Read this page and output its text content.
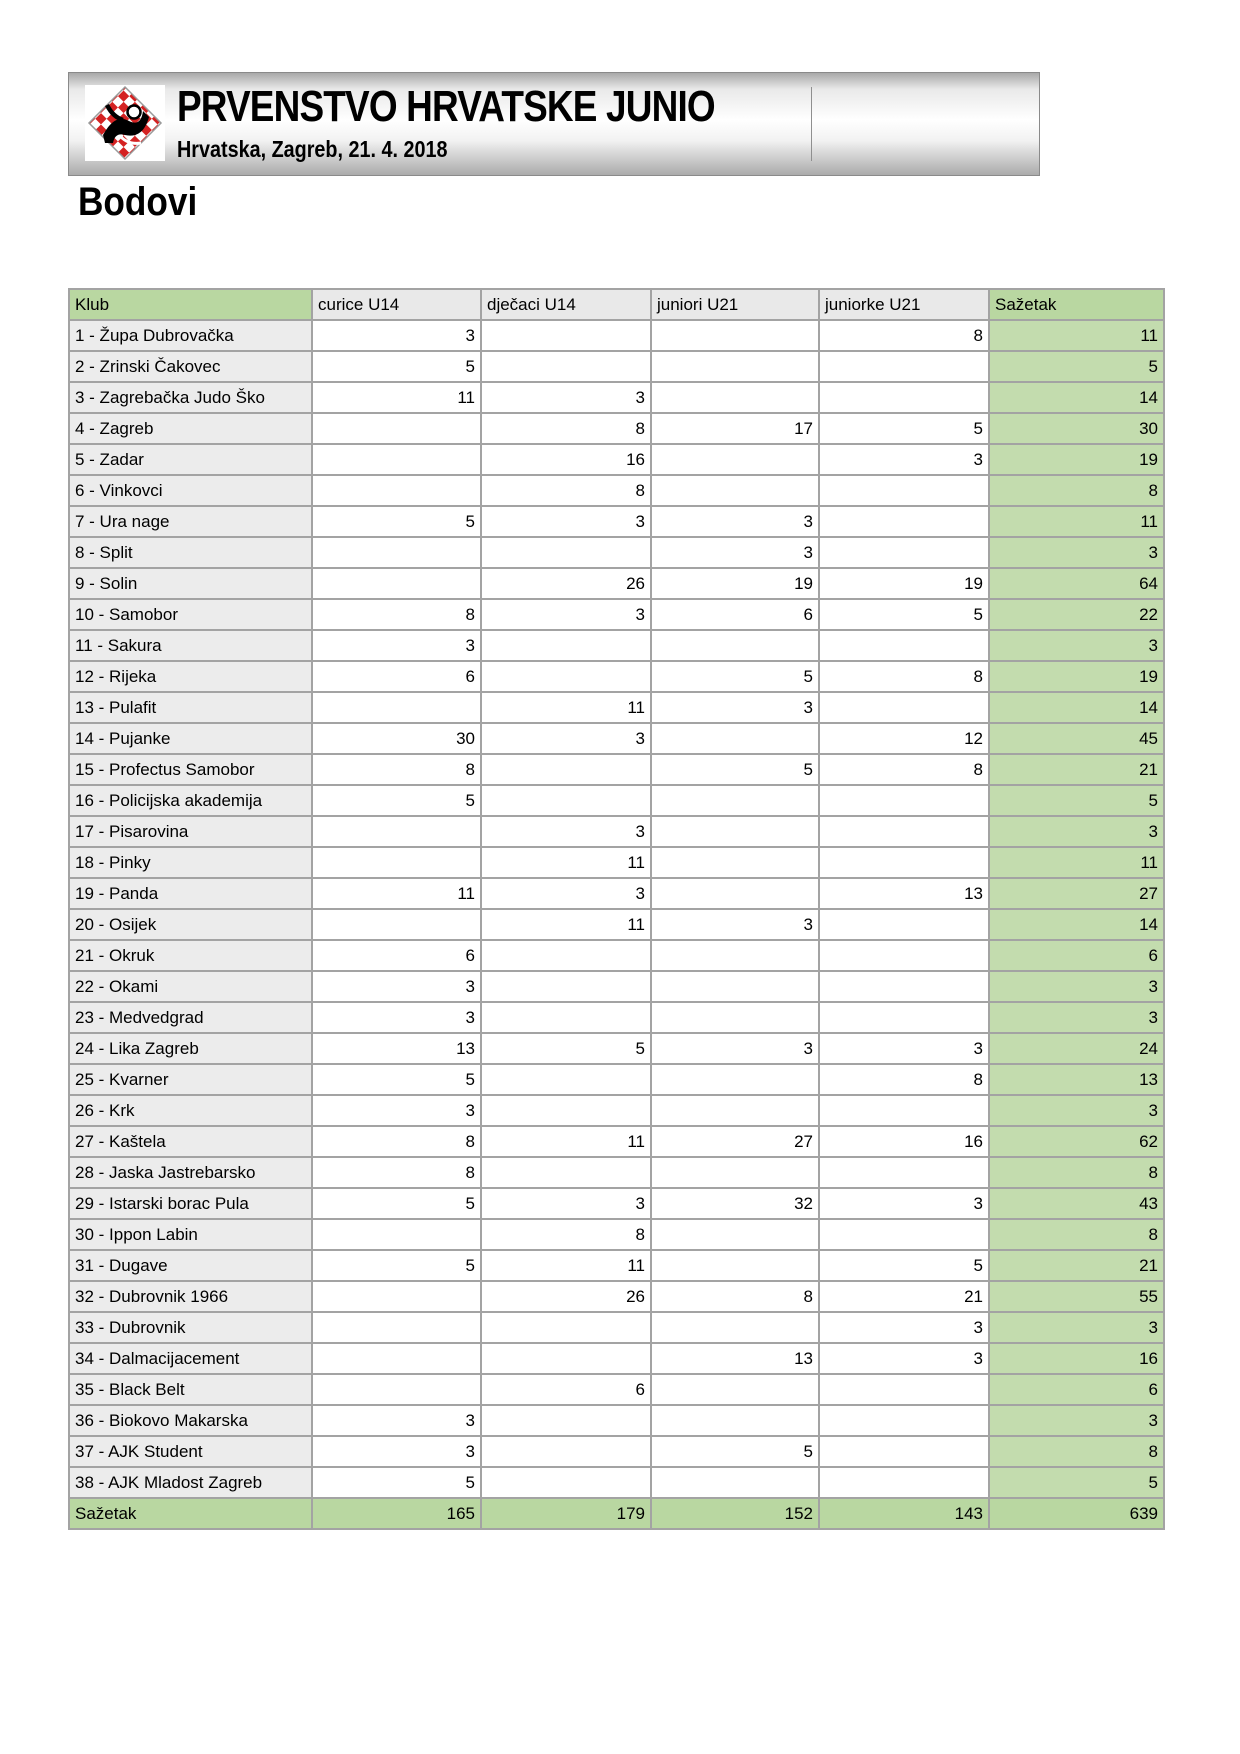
PRVENSTVO HRVATSKE JUNIO
Hrvatska, Zagreb, 21. 4. 2018
Bodovi
Klub	curice U14	dječaci U14	juniori U21	juniorke U21	Sažetak
1 - Župa Dubrovačka	3			8	11
2 - Zrinski Čakovec	5				5
3 - Zagrebačka Judo Ško	11	3			14
4 - Zagreb		8	17	5	30
5 - Zadar		16		3	19
6 - Vinkovci		8			8
7 - Ura nage	5	3	3		11
8 - Split			3		3
9 - Solin		26	19	19	64
10 - Samobor	8	3	6	5	22
11 - Sakura	3				3
12 - Rijeka	6		5	8	19
13 - Pulafit		11	3		14
14 - Pujanke	30	3		12	45
15 - Profectus Samobor	8		5	8	21
16 - Policijska akademija	5				5
17 - Pisarovina		3			3
18 - Pinky		11			11
19 - Panda	11	3		13	27
20 - Osijek		11	3		14
21 - Okruk	6				6
22 - Okami	3				3
23 - Medvedgrad	3				3
24 - Lika Zagreb	13	5	3	3	24
25 - Kvarner	5			8	13
26 - Krk	3				3
27 - Kaštela	8	11	27	16	62
28 - Jaska Jastrebarsko	8				8
29 - Istarski borac Pula	5	3	32	3	43
30 - Ippon Labin		8			8
31 - Dugave	5	11		5	21
32 - Dubrovnik 1966		26	8	21	55
33 - Dubrovnik				3	3
34 - Dalmacijacement			13	3	16
35 - Black Belt		6			6
36 - Biokovo Makarska	3				3
37 - AJK Student	3		5		8
38 - AJK Mladost Zagreb	5				5
Sažetak	165	179	152	143	639
